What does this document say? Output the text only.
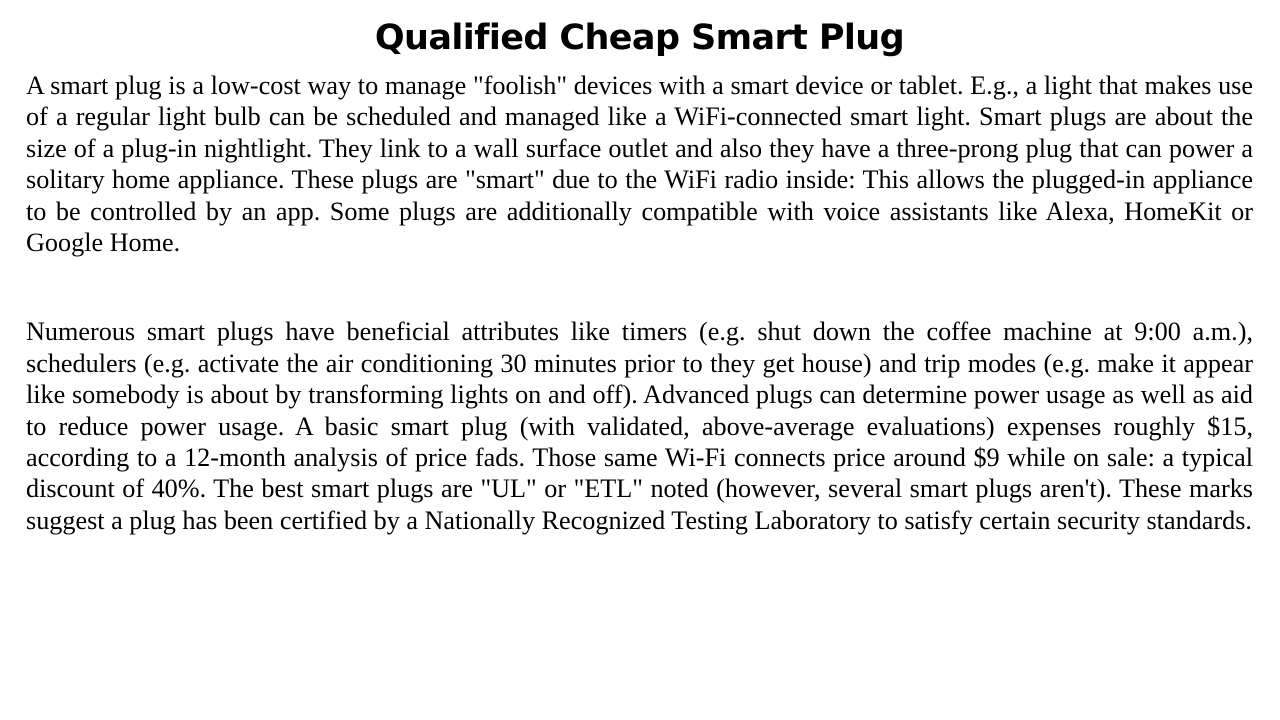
Qualified Cheap Smart Plug

A smart plug is a low-cost way to manage "foolish" devices with a smart device or tablet. E.g., a light that makes use of a regular light bulb can be scheduled and managed like a WiFi-connected smart light. Smart plugs are about the size of a plug-in nightlight. They link to a wall surface outlet and also they have a three-prong plug that can power a solitary home appliance. These plugs are "smart" due to the WiFi radio inside: This allows the plugged-in appliance to be controlled by an app. Some plugs are additionally compatible with voice assistants like Alexa, HomeKit or Google Home.

Numerous smart plugs have beneficial attributes like timers (e.g. shut down the coffee machine at 9:00 a.m.), schedulers (e.g. activate the air conditioning 30 minutes prior to they get house) and trip modes (e.g. make it appear like somebody is about by transforming lights on and off). Advanced plugs can determine power usage as well as aid to reduce power usage. A basic smart plug (with validated, above-average evaluations) expenses roughly $15, according to a 12-month analysis of price fads. Those same Wi-Fi connects price around $9 while on sale: a typical discount of 40%. The best smart plugs are "UL" or "ETL" noted (however, several smart plugs aren't). These marks suggest a plug has been certified by a Nationally Recognized Testing Laboratory to satisfy certain security standards.
